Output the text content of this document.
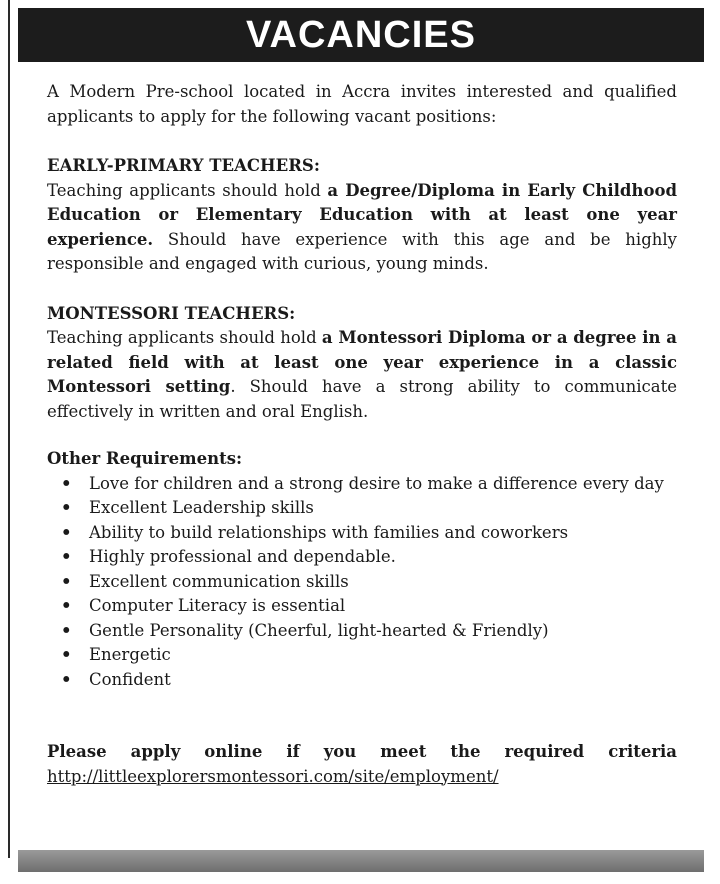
VACANCIES

A Modern Pre-school located in Accra invites interested and qualified applicants to apply for the following vacant positions:

EARLY-PRIMARY TEACHERS:

Teaching applicants should hold a Degree/Diploma in Early Childhood Education or Elementary Education with at least one year experience. Should have experience with this age and be highly responsible and engaged with curious, young minds.

MONTESSORI TEACHERS:

Teaching applicants should hold a Montessori Diploma or a degree in a related field with at least one year experience in a classic Montessori setting. Should have a strong ability to communicate effectively in written and oral English.

Other Requirements:

• Love for children and a strong desire to make a difference every day
• Excellent Leadership skills
• Ability to build relationships with families and coworkers
• Highly professional and dependable.
• Excellent communication skills
• Computer Literacy is essential
• Gentle Personality (Cheerful, light-hearted & Friendly)
• Energetic
• Confident

Please apply online if you meet the required criteria

http://littleexplorersmontessori.com/site/employment/
